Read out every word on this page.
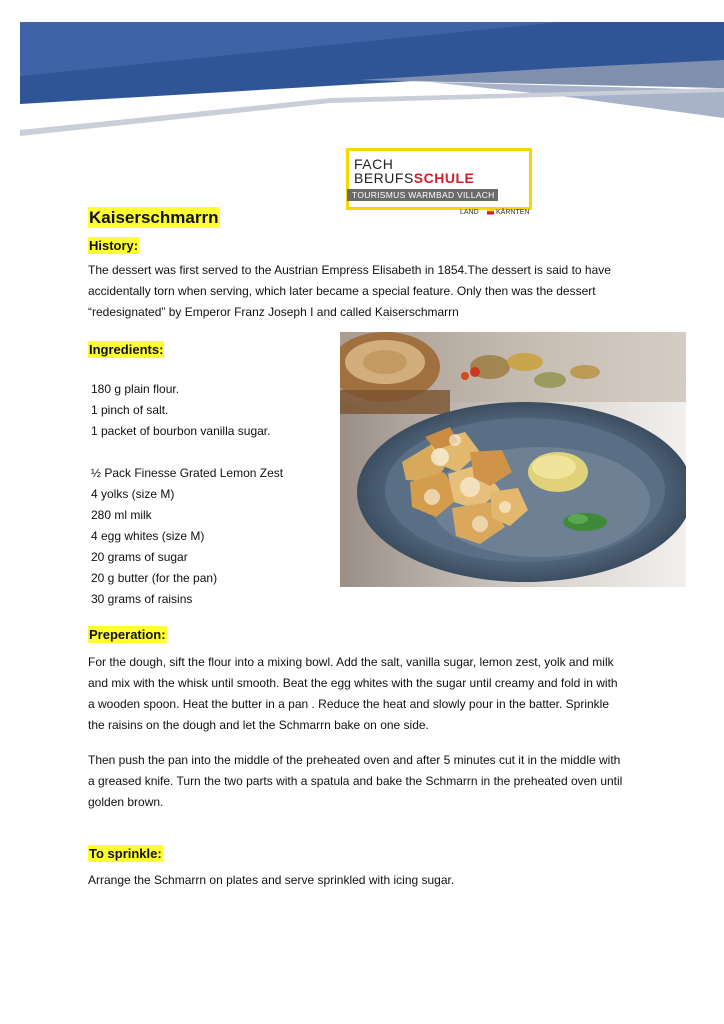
FACH
BERUFSSCHULE
TOURISMUS WARMBAD VILLACH
LAND KÄRNTEN
Kaiserschmarrn
History:
The dessert was first served to the Austrian Empress Elisabeth in 1854.The dessert is said to have
accidentally torn when serving, which later became a special feature. Only then was the dessert
“redesignated” by Emperor Franz Joseph I and called Kaiserschmarrn
Ingredients:
180 g plain flour.
1 pinch of salt.
1 packet of bourbon vanilla sugar.
½ Pack Finesse Grated Lemon Zest
4 yolks (size M)
280 ml milk
4 egg whites (size M)
20 grams of sugar
20 g butter (for the pan)
30 grams of raisins
Preperation:
For the dough, sift the flour into a mixing bowl. Add the salt, vanilla sugar, lemon zest, yolk and milk
and mix with the whisk until smooth. Beat the egg whites with the sugar until creamy and fold in with
a wooden spoon. Heat the butter in a pan . Reduce the heat and slowly pour in the batter. Sprinkle
the raisins on the dough and let the Schmarrn bake on one side.
Then push the pan into the middle of the preheated oven and after 5 minutes cut it in the middle with
a greased knife. Turn the two parts with a spatula and bake the Schmarrn in the preheated oven until
golden brown.
To sprinkle:
Arrange the Schmarrn on plates and serve sprinkled with icing sugar.
